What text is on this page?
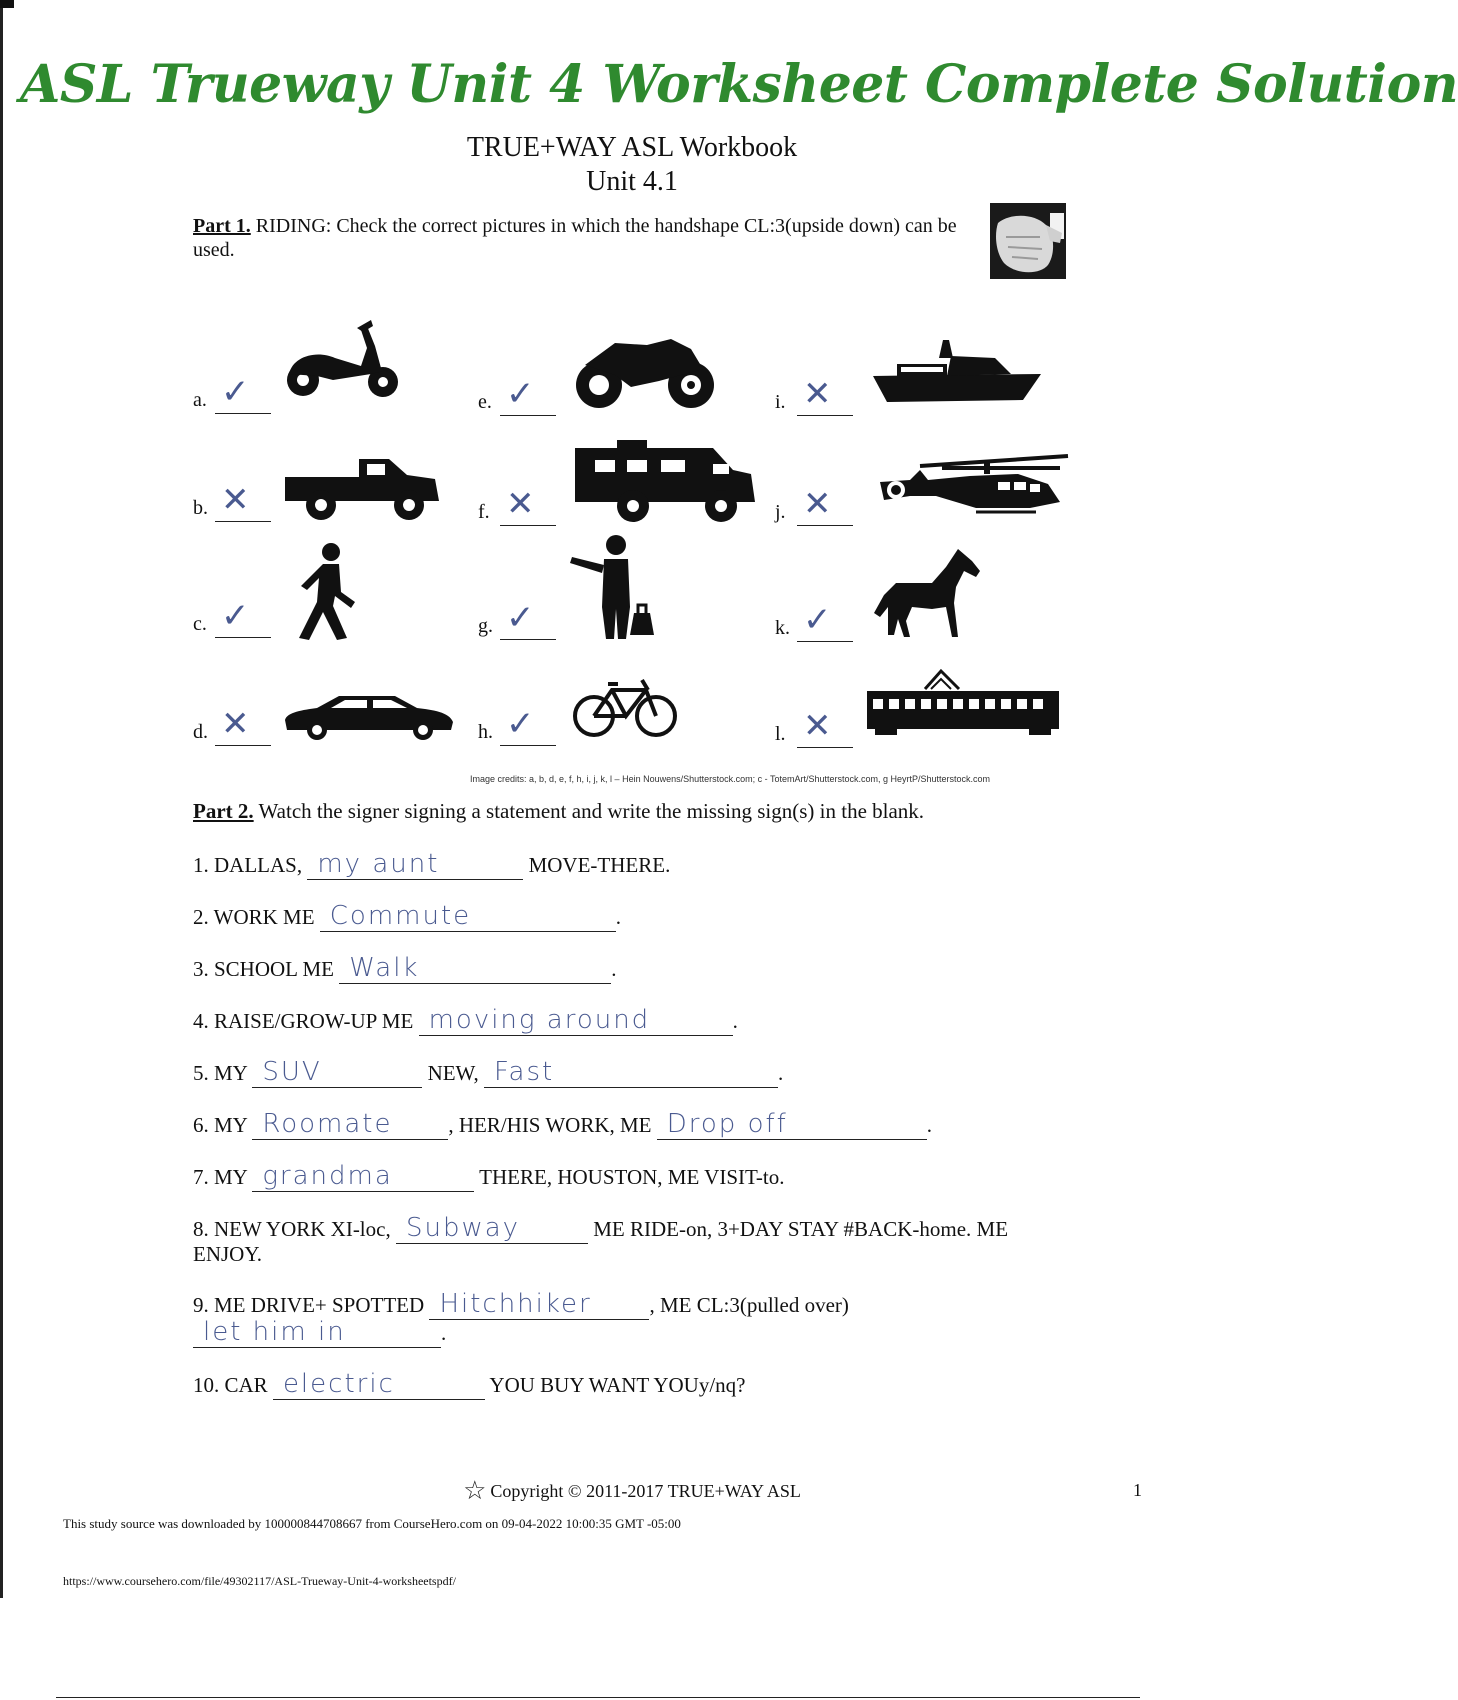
ASL Trueway Unit 4 Worksheet Complete Solution
TRUE+WAY ASL Workbook
Unit 4.1
Part 1. RIDING: Check the correct pictures in which the handshape CL:3(upside down) can be used.
a. ✓
b. ✕
c. ✓
d. ✕
e. ✓
f. ✕
g. ✓
h. ✓
i. ✕
j. ✕
k. ✓
l. ✕
Image credits: a, b, d, e, f, h, i, j, k, l – Hein Nouwens/Shutterstock.com; c - TotemArt/Shutterstock.com, g HeyrtP/Shutterstock.com
Part 2. Watch the signer signing a statement and write the missing sign(s) in the blank.
1. DALLAS, my aunt	MOVE-THERE.
2. WORK ME Commute	.
3. SCHOOL ME Walk	.
4. RAISE/GROW-UP ME moving around	.
5. MY SUV	NEW, Fast	.
6. MY Roomate	, HER/HIS WORK, ME Drop off	.
7. MY grandma	THERE, HOUSTON, ME VISIT-to.
8. NEW YORK XI-loc, Subway	ME RIDE-on, 3+DAY STAY #BACK-home. ME
ENJOY.
9. ME DRIVE+ SPOTTED Hitchhiker	, ME CL:3(pulled over)
let him in	.
10. CAR electric	YOU BUY WANT YOUy/nq?
☆ Copyright © 2011-2017 TRUE+WAY ASL	1
This study source was downloaded by 100000844708667 from CourseHero.com on 09-04-2022 10:00:35 GMT -05:00
https://www.coursehero.com/file/49302117/ASL-Trueway-Unit-4-worksheetspdf/
